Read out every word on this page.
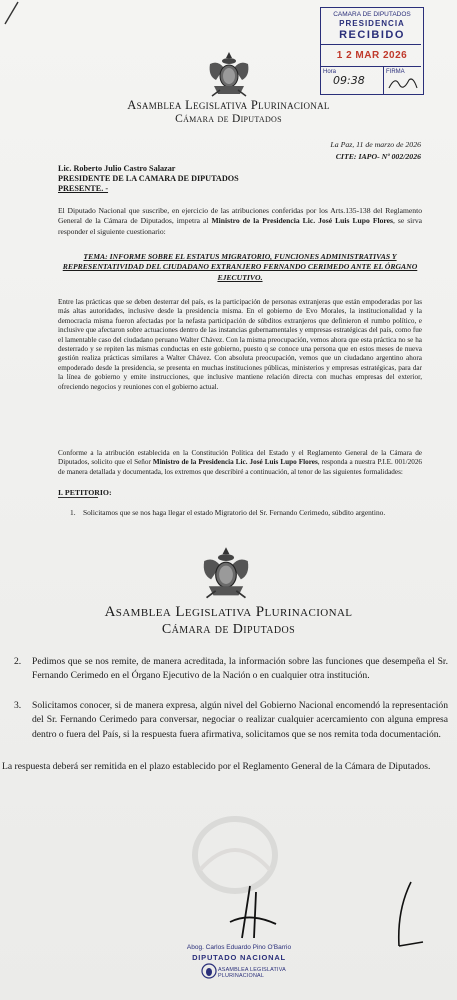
CAMARA DE DIPUTADOS
PRESIDENCIA
RECIBIDO
1 2 MAR 2026
Hora
09:38
FIRMA
Asamblea Legislativa Plurinacional
Cámara de Diputados
La Paz, 11 de marzo de 2026
CITE: IAPO- Nº 002/2026
Lic. Roberto Julio Castro Salazar
PRESIDENTE DE LA CAMARA DE DIPUTADOS
PRESENTE. -
El Diputado Nacional que suscribe, en ejercicio de las atribuciones conferidas por los Arts.135-138 del Reglamento General de la Cámara de Diputados, impetra al Ministro de la Presidencia Lic. José Luis Lupo Flores, se sirva responder el siguiente cuestionario:
TEMA: INFORME SOBRE EL ESTATUS MIGRATORIO, FUNCIONES ADMINISTRATIVAS Y REPRESENTATIVIDAD DEL CIUDADANO EXTRANJERO FERNANDO CERIMEDO ANTE EL ÓRGANO EJECUTIVO.
Entre las prácticas que se deben desterrar del país, es la participación de personas extranjeras que están empoderadas por las más altas autoridades, inclusive desde la presidencia misma. En el gobierno de Evo Morales, la institucionalidad y la democracia misma fueron afectadas por la nefasta participación de súbditos extranjeros que definieron el rumbo político, e inclusive que afectaron sobre actuaciones dentro de las instancias gubernamentales y empresas estratégicas del país, como fue el lamentable caso del ciudadano peruano Walter Chávez. Con la misma preocupación, vemos ahora que esta práctica no se ha desterrado y se repiten las mismas conductas en este gobierno, puesto q se conoce una persona que en estos meses de nueva gestión realiza prácticas similares a Walter Chávez. Con absoluta preocupación, vemos que un ciudadano argentino ahora empoderado desde la presidencia, se presenta en muchas instituciones públicas, ministerios y empresas estratégicas, para dar la línea de gobierno y emite instrucciones, que inclusive mantiene relación directa con muchas empresas del exterior, ofreciendo negocios y reuniones con el gobierno actual.
Conforme a la atribución establecida en la Constitución Política del Estado y el Reglamento General de la Cámara de Diputados, solicito que el Señor Ministro de la Presidencia Lic. José Luis Lupo Flores, responda a nuestra P.I.E. 001/2026 de manera detallada y documentada, los extremos que describiré a continuación, al tenor de las siguientes formalidades:
I. PETITORIO:
1. Solicitamos que se nos haga llegar el estado Migratorio del Sr. Fernando Cerimedo, súbdito argentino.
Asamblea Legislativa Plurinacional
Cámara de Diputados
2. Pedimos que se nos remite, de manera acreditada, la información sobre las funciones que desempeña el Sr. Fernando Cerimedo en el Órgano Ejecutivo de la Nación o en cualquier otra institución.
3. Solicitamos conocer, si de manera expresa, algún nivel del Gobierno Nacional encomendó la representación del Sr. Fernando Cerimedo para conversar, negociar o realizar cualquier acercamiento con alguna empresa dentro o fuera del País, si la respuesta fuera afirmativa, solicitamos que se nos remita toda documentación.
La respuesta deberá ser remitida en el plazo establecido por el Reglamento General de la Cámara de Diputados.
Abog. Carlos Eduardo Pino O'Barrio
DIPUTADO NACIONAL
ASAMBLEA LEGISLATIVA PLURINACIONAL
